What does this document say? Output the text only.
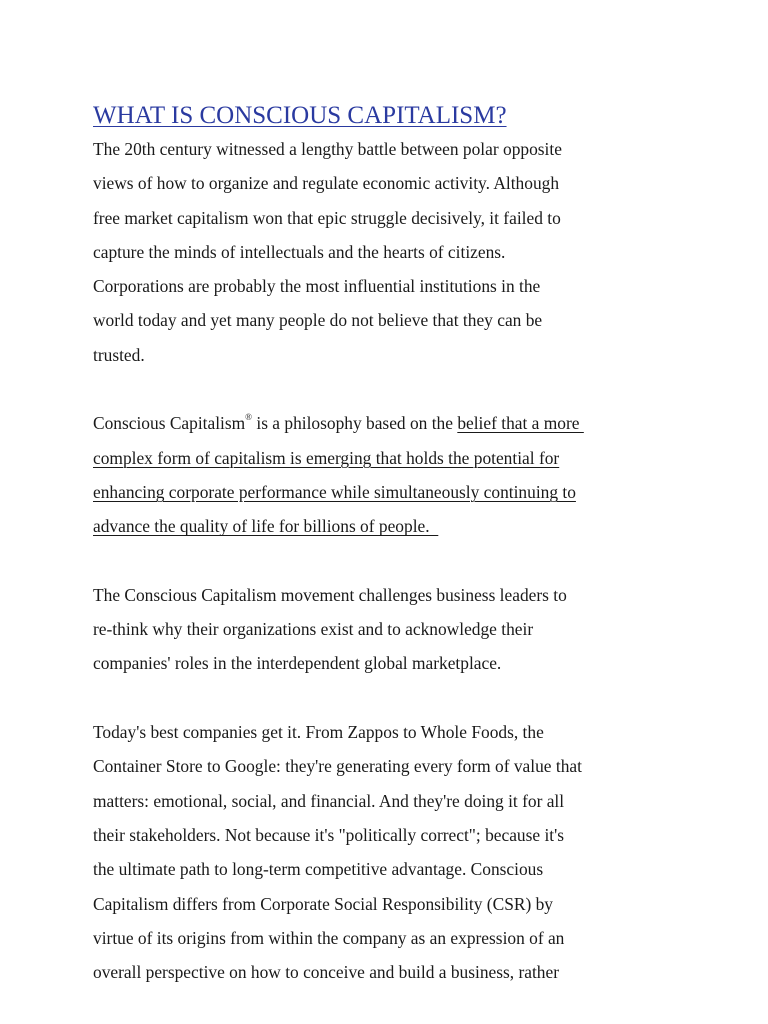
WHAT IS CONSCIOUS CAPITALISM?

The 20th century witnessed a lengthy battle between polar opposite
views of how to organize and regulate economic activity. Although
free market capitalism won that epic struggle decisively, it failed to
capture the minds of intellectuals and the hearts of citizens.
Corporations are probably the most influential institutions in the
world today and yet many people do not believe that they can be
trusted.

Conscious Capitalism® is a philosophy based on the belief that a more
complex form of capitalism is emerging that holds the potential for
enhancing corporate performance while simultaneously continuing to
advance the quality of life for billions of people.

The Conscious Capitalism movement challenges business leaders to
re-think why their organizations exist and to acknowledge their
companies' roles in the interdependent global marketplace.

Today's best companies get it. From Zappos to Whole Foods, the
Container Store to Google: they're generating every form of value that
matters: emotional, social, and financial. And they're doing it for all
their stakeholders. Not because it's "politically correct"; because it's
the ultimate path to long-term competitive advantage. Conscious
Capitalism differs from Corporate Social Responsibility (CSR) by
virtue of its origins from within the company as an expression of an
overall perspective on how to conceive and build a business, rather
